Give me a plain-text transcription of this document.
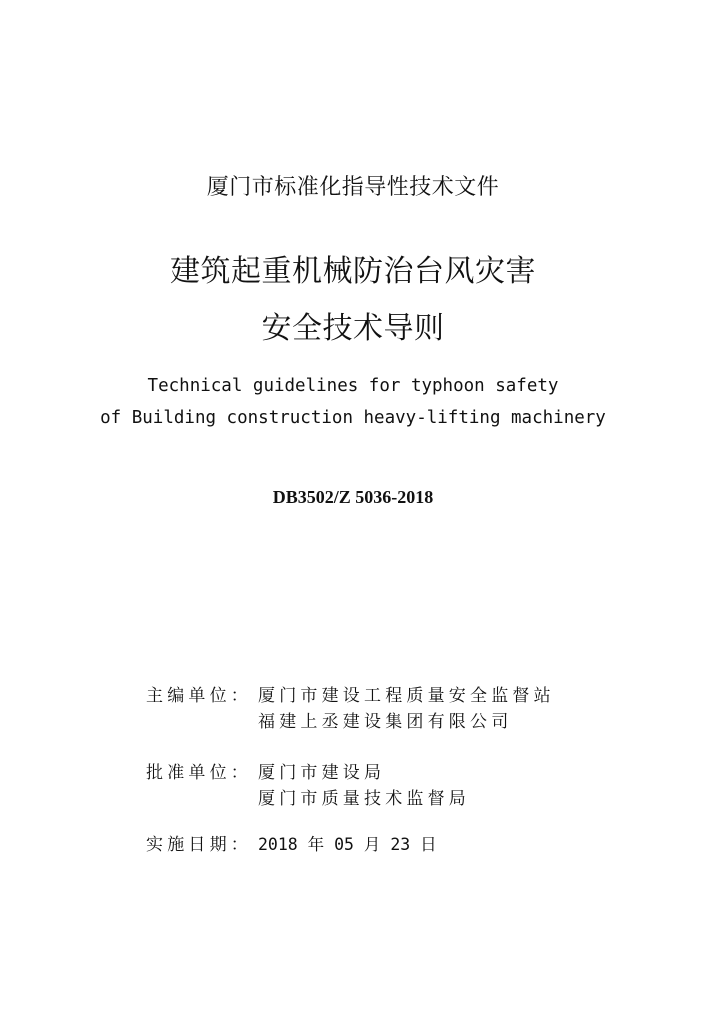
厦门市标准化指导性技术文件
建筑起重机械防治台风灾害
安全技术导则
Technical guidelines for typhoon safety
of Building construction heavy-lifting machinery
DB3502/Z 5036-2018
主编单位： 厦门市建设工程质量安全监督站
福建上丞建设集团有限公司
批准单位： 厦门市建设局
厦门市质量技术监督局
实施日期： 2018 年 05 月 23 日
